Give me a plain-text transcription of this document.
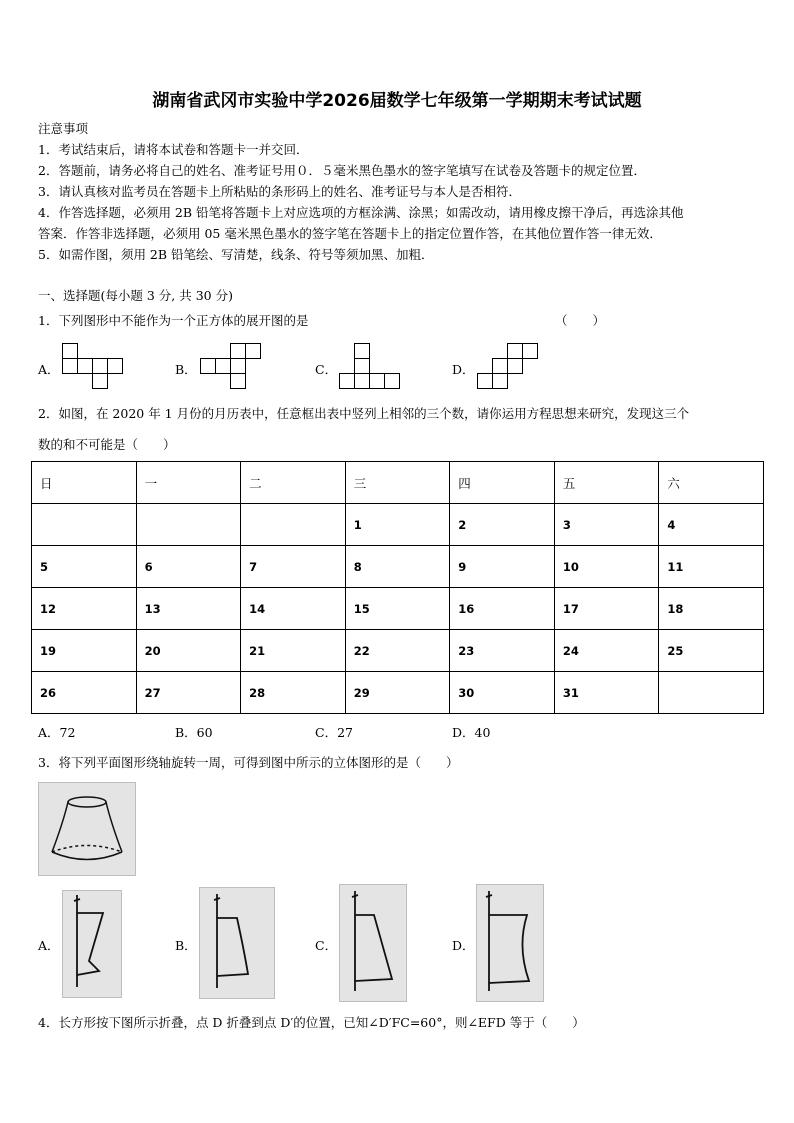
湖南省武冈市实验中学2026届数学七年级第一学期期末考试试题
注意事项
1．考试结束后，请将本试卷和答题卡一并交回．
2．答题前，请务必将自己的姓名、准考证号用０．５毫米黑色墨水的签字笔填写在试卷及答题卡的规定位置．
3．请认真核对监考员在答题卡上所粘贴的条形码上的姓名、准考证号与本人是否相符．
4．作答选择题，必须用 2B 铅笔将答题卡上对应选项的方框涂满、涂黑；如需改动，请用橡皮擦干净后，再选涂其他
答案．作答非选择题，必须用 05 毫米黑色墨水的签字笔在答题卡上的指定位置作答，在其他位置作答一律无效．
5．如需作图，须用 2B 铅笔绘、写清楚，线条、符号等须加黑、加粗．
一、选择题(每小题 3 分, 共 30 分)
1．下列图形中不能作为一个正方体的展开图的是	（　　）
A．	B．	C．	D．
2．如图，在 2020 年 1 月份的月历表中，任意框出表中竖列上相邻的三个数，请你运用方程思想来研究，发现这三个
数的和不可能是（　　）
日	一	二	三	四	五	六
			1	2	3	4
5	6	7	8	9	10	11
12	13	14	15	16	17	18
19	20	21	22	23	24	25
26	27	28	29	30	31	
A．72	B．60	C．27	D．40
3．将下列平面图形绕轴旋转一周，可得到图中所示的立体图形的是（　　）
A．	B．	C．	D．
4．长方形按下图所示折叠，点 D 折叠到点 D′的位置，已知∠D′FC=60°，则∠EFD 等于（　　）
